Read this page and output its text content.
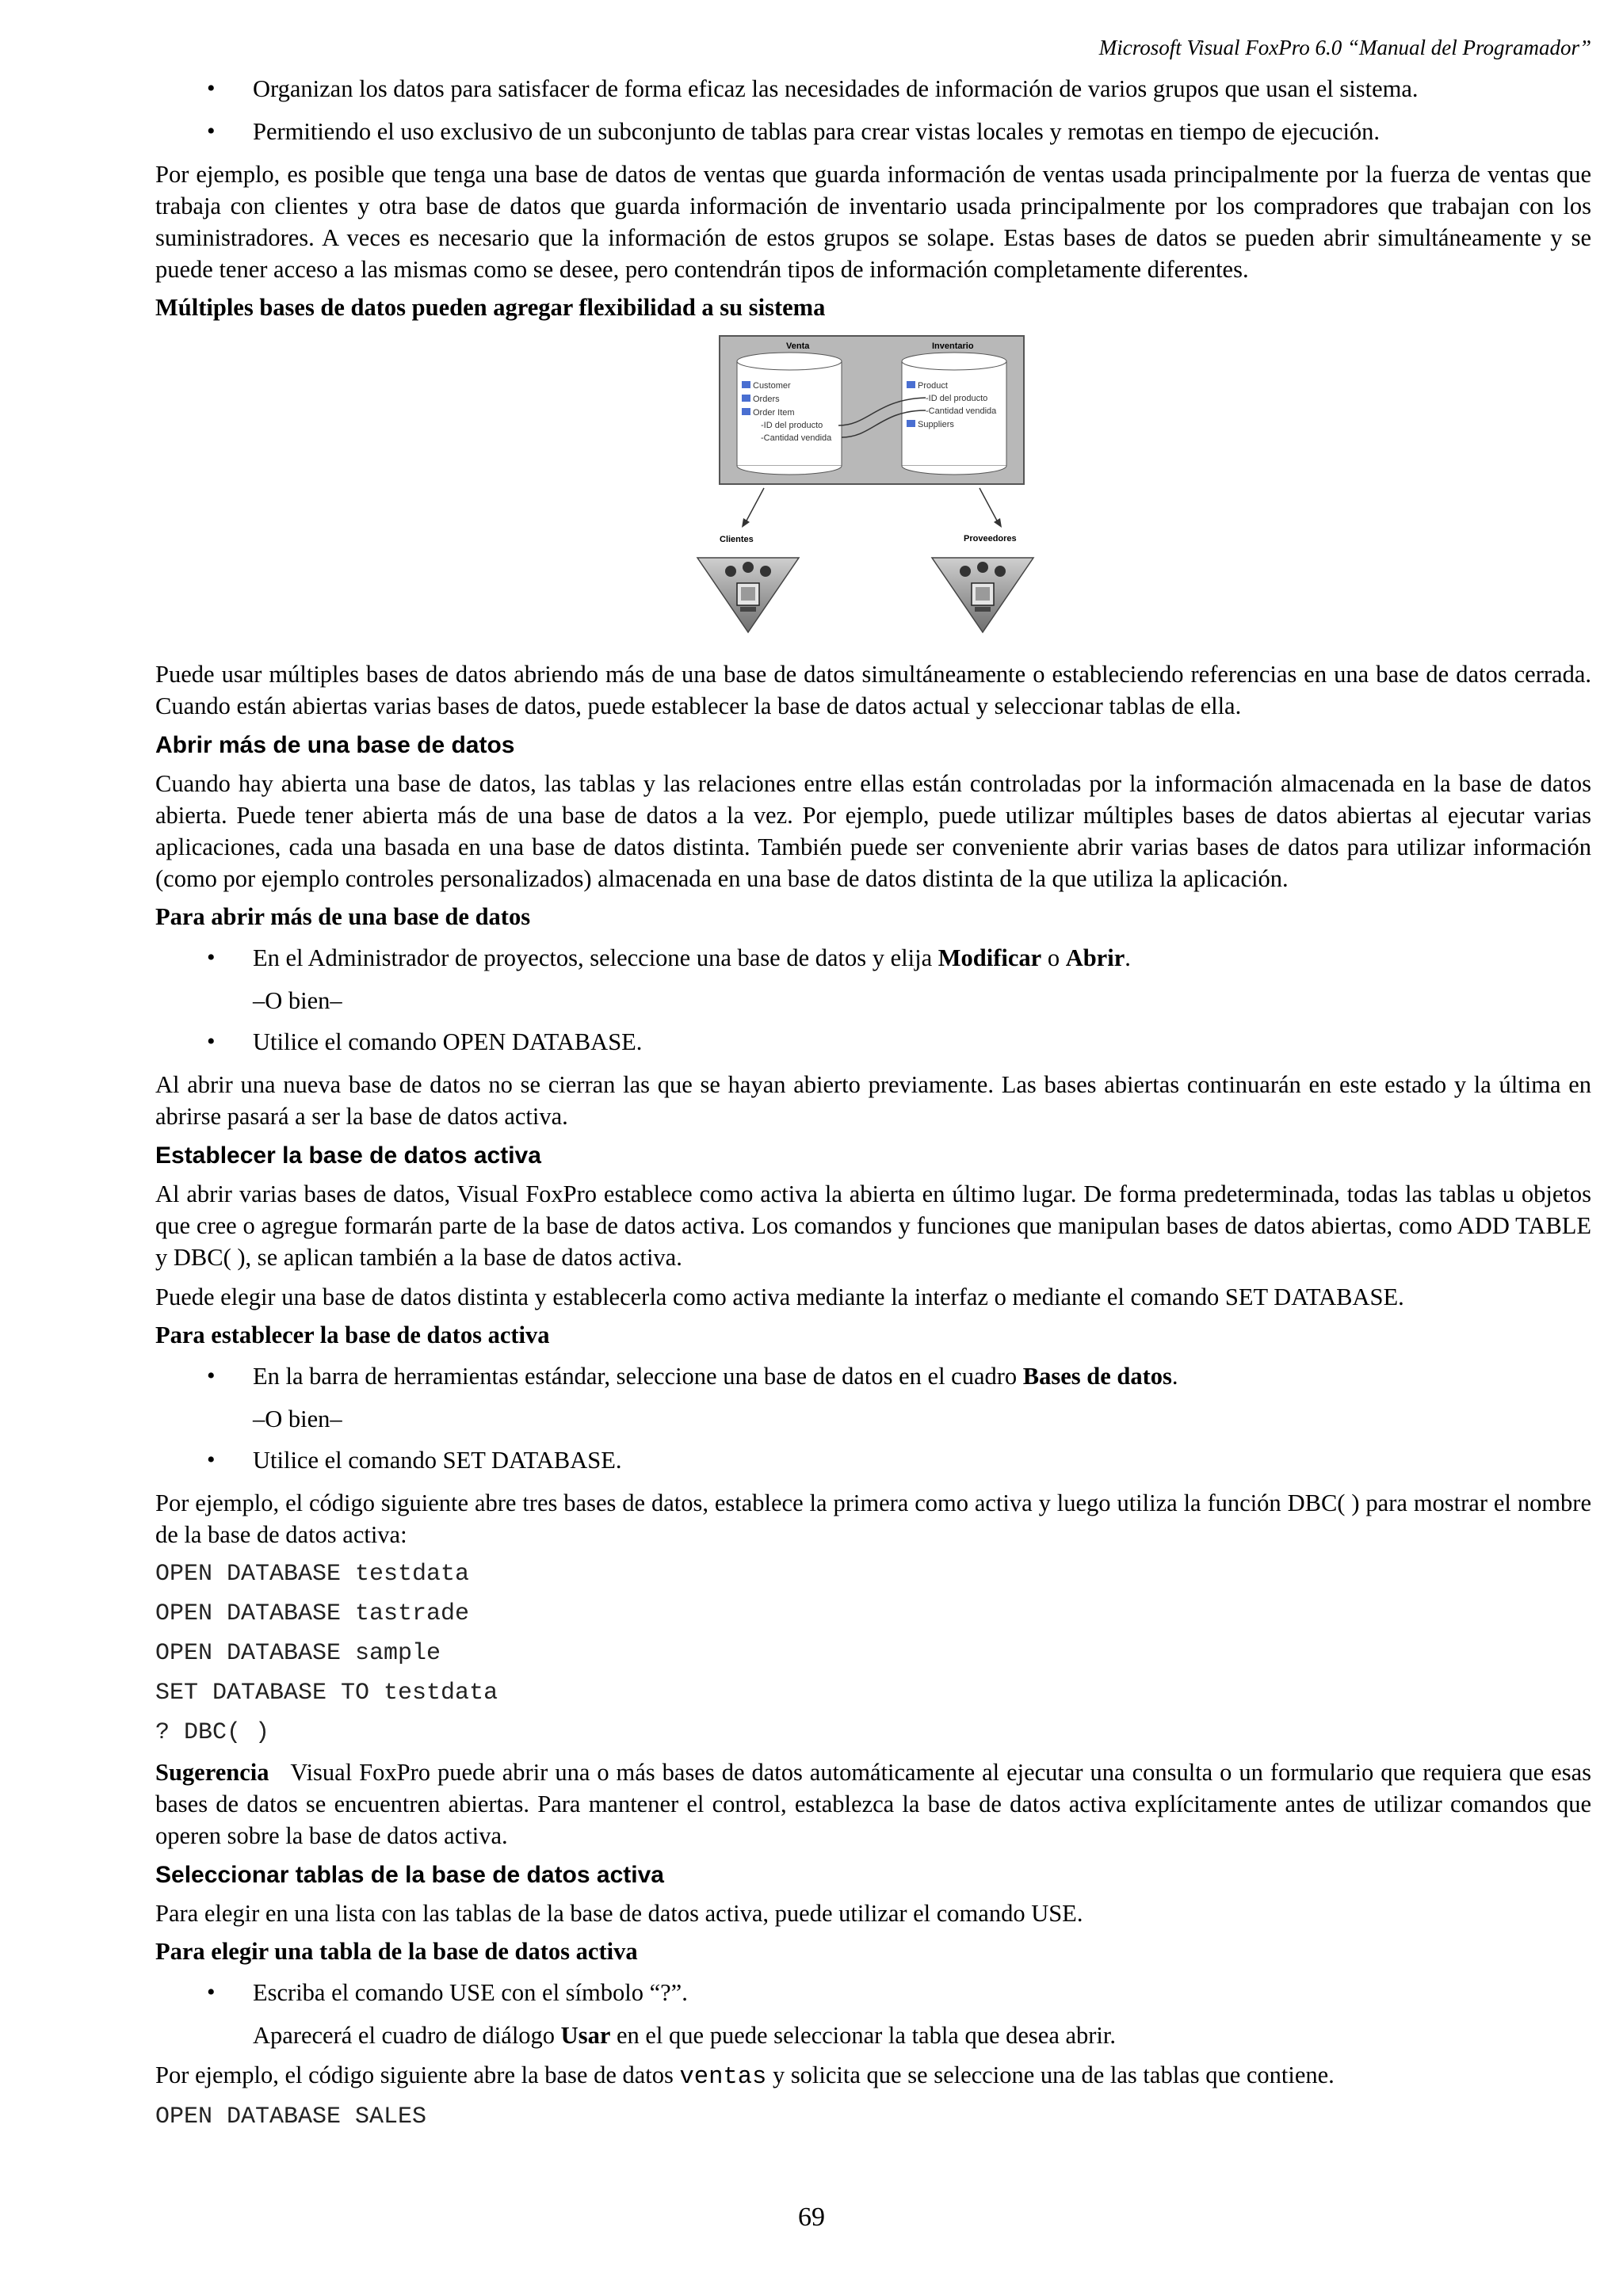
Microsoft Visual FoxPro 6.0 “Manual del Programador”
• Organizan los datos para satisfacer de forma eficaz las necesidades de información de varios grupos que usan el sistema.
• Permitiendo el uso exclusivo de un subconjunto de tablas para crear vistas locales y remotas en tiempo de ejecución.

Por ejemplo, es posible que tenga una base de datos de ventas que guarda información de ventas usada principalmente por la fuerza de ventas que trabaja con clientes y otra base de datos que guarda información de inventario usada principalmente por los compradores que trabajan con los suministradores. A veces es necesario que la información de estos grupos se solape. Estas bases de datos se pueden abrir simultáneamente y se puede tener acceso a las mismas como se desee, pero contendrán tipos de información completamente diferentes.

Múltiples bases de datos pueden agregar flexibilidad a su sistema
Venta	Inventario
Customer
Orders
Order Item
-ID del producto
-Cantidad vendida
Product
-ID del producto
-Cantidad vendida
Suppliers
Clientes	Proveedores

Puede usar múltiples bases de datos abriendo más de una base de datos simultáneamente o estableciendo referencias en una base de datos cerrada. Cuando están abiertas varias bases de datos, puede establecer la base de datos actual y seleccionar tablas de ella.

Abrir más de una base de datos

Cuando hay abierta una base de datos, las tablas y las relaciones entre ellas están controladas por la información almacenada en la base de datos abierta. Puede tener abierta más de una base de datos a la vez. Por ejemplo, puede utilizar múltiples bases de datos abiertas al ejecutar varias aplicaciones, cada una basada en una base de datos distinta. También puede ser conveniente abrir varias bases de datos para utilizar información (como por ejemplo controles personalizados) almacenada en una base de datos distinta de la que utiliza la aplicación.

Para abrir más de una base de datos
• En el Administrador de proyectos, seleccione una base de datos y elija Modificar o Abrir.
–O bien–
• Utilice el comando OPEN DATABASE.

Al abrir una nueva base de datos no se cierran las que se hayan abierto previamente. Las bases abiertas continuarán en este estado y la última en abrirse pasará a ser la base de datos activa.

Establecer la base de datos activa

Al abrir varias bases de datos, Visual FoxPro establece como activa la abierta en último lugar. De forma predeterminada, todas las tablas u objetos que cree o agregue formarán parte de la base de datos activa. Los comandos y funciones que manipulan bases de datos abiertas, como ADD TABLE y DBC( ), se aplican también a la base de datos activa.

Puede elegir una base de datos distinta y establecerla como activa mediante la interfaz o mediante el comando SET DATABASE.

Para establecer la base de datos activa
• En la barra de herramientas estándar, seleccione una base de datos en el cuadro Bases de datos.
–O bien–
• Utilice el comando SET DATABASE.

Por ejemplo, el código siguiente abre tres bases de datos, establece la primera como activa y luego utiliza la función DBC( ) para mostrar el nombre de la base de datos activa:

OPEN DATABASE testdata
OPEN DATABASE tastrade
OPEN DATABASE sample
SET DATABASE TO testdata
? DBC( )

Sugerencia Visual FoxPro puede abrir una o más bases de datos automáticamente al ejecutar una consulta o un formulario que requiera que esas bases de datos se encuentren abiertas. Para mantener el control, establezca la base de datos activa explícitamente antes de utilizar comandos que operen sobre la base de datos activa.

Seleccionar tablas de la base de datos activa

Para elegir en una lista con las tablas de la base de datos activa, puede utilizar el comando USE.

Para elegir una tabla de la base de datos activa
• Escriba el comando USE con el símbolo “?”.
Aparecerá el cuadro de diálogo Usar en el que puede seleccionar la tabla que desea abrir.

Por ejemplo, el código siguiente abre la base de datos ventas y solicita que se seleccione una de las tablas que contiene.

OPEN DATABASE SALES
69
